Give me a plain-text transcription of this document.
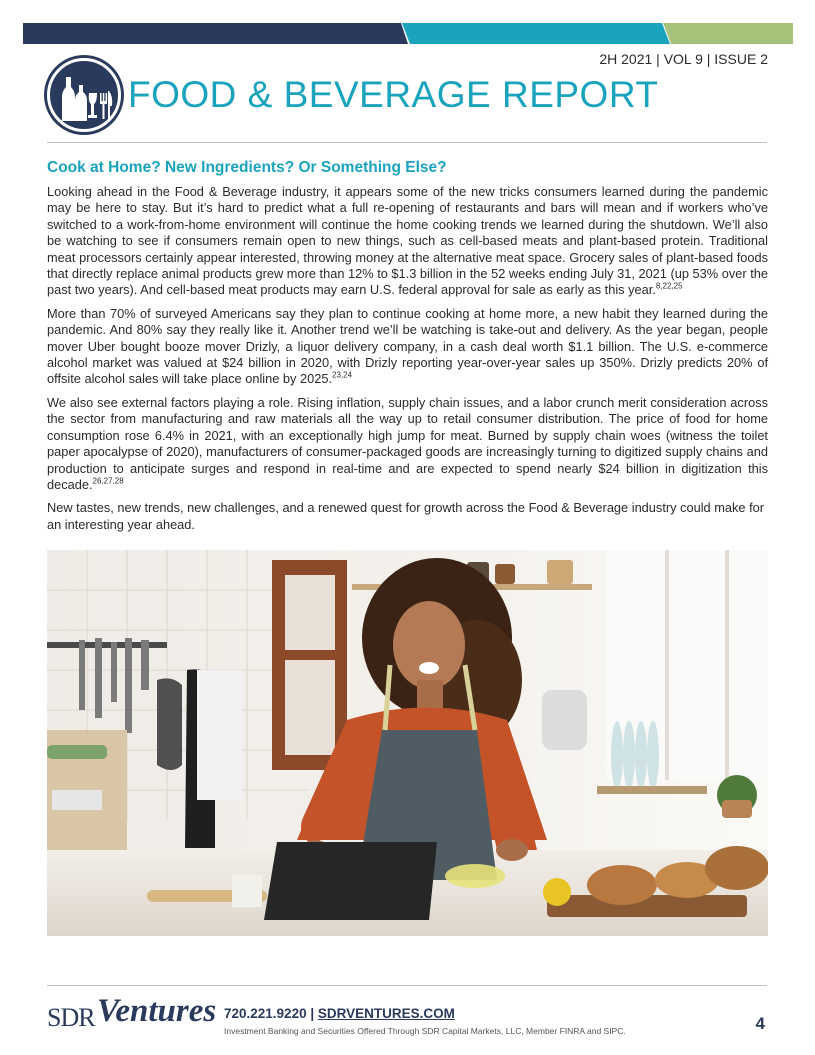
2H 2021 | VOL 9 | ISSUE 2
FOOD & BEVERAGE REPORT
Cook at Home? New Ingredients? Or Something Else?

Looking ahead in the Food & Beverage industry, it appears some of the new tricks consumers learned during the pandemic may be here to stay. But it’s hard to predict what a full re-opening of restaurants and bars will mean and if workers who’ve switched to a work-from-home environment will continue the home cooking trends we learned during the shutdown. We’ll also be watching to see if consumers remain open to new things, such as cell-based meats and plant-based protein. Traditional meat processors certainly appear interested, throwing money at the alternative meat space. Grocery sales of plant-based foods that directly replace animal products grew more than 12% to $1.3 billion in the 52 weeks ending July 31, 2021 (up 53% over the past two years). And cell-based meat products may earn U.S. federal approval for sale as early as this year.$^{8,22,25}$

More than 70% of surveyed Americans say they plan to continue cooking at home more, a new habit they learned during the pandemic. And 80% say they really like it. Another trend we’ll be watching is take-out and delivery. As the year began, people mover Uber bought booze mover Drizly, a liquor delivery company, in a cash deal worth $1.1 billion. The U.S. e-commerce alcohol market was valued at $24 billion in 2020, with Drizly reporting year-over-year sales up 350%. Drizly predicts 20% of offsite alcohol sales will take place online by 2025.$^{23,24}$

We also see external factors playing a role. Rising inflation, supply chain issues, and a labor crunch merit consideration across the sector from manufacturing and raw materials all the way up to retail consumer distribution. The price of food for home consumption rose 6.4% in 2021, with an exceptionally high jump for meat. Burned by supply chain woes (witness the toilet paper apocalypse of 2020), manufacturers of consumer-packaged goods are increasingly turning to digitized supply chains and production to anticipate surges and respond in real-time and are expected to spend nearly $24 billion in digitization this decade.$^{26,27,28}$

New tastes, new trends, new challenges, and a renewed quest for growth across the Food & Beverage industry could make for an interesting year ahead.

SDR Ventures 720.221.9220 | SDRVENTURES.COM
Investment Banking and Securities Offered Through SDR Capital Markets, LLC, Member FINRA and SIPC.	4
